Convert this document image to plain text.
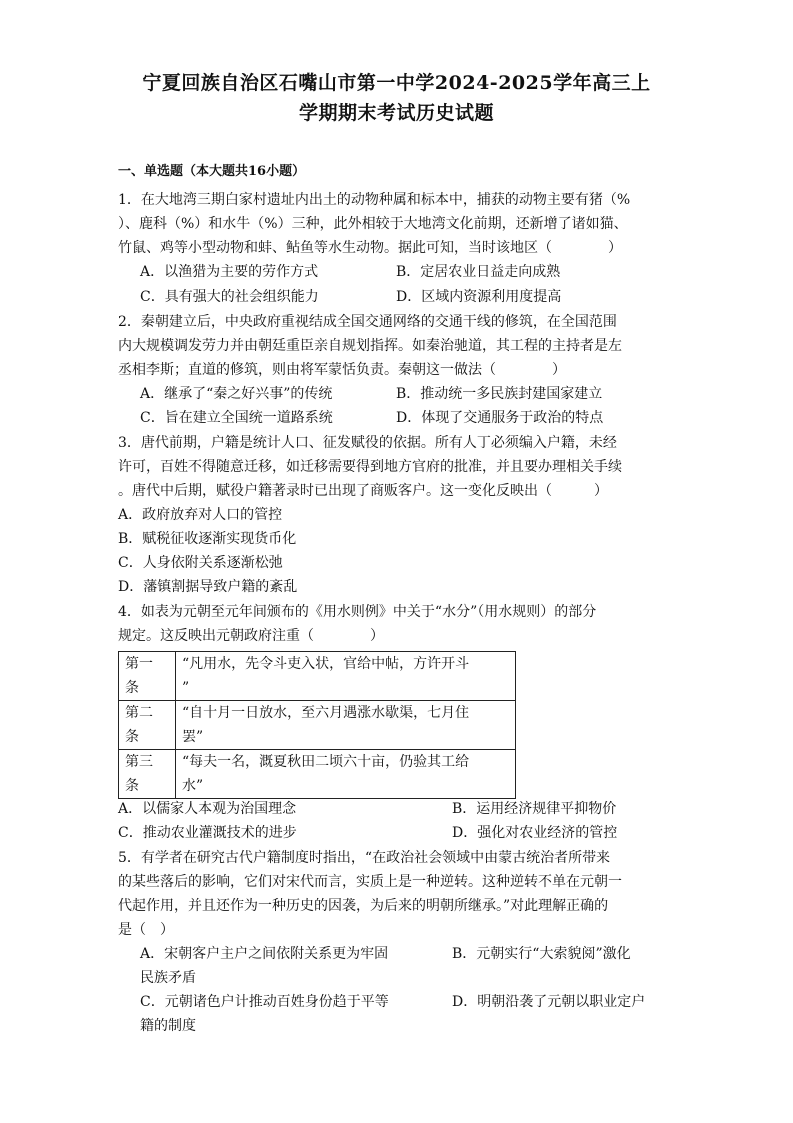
宁夏回族自治区石嘴山市第一中学2024-2025学年高三上
学期期末考试历史试题
一、单选题（本大题共16小题）
1．在大地湾三期白家村遗址内出土的动物种属和标本中，捕获的动物主要有猪（%
）、鹿科（%）和水牛（%）三种，此外相较于大地湾文化前期，还新增了诸如猫、
竹鼠、鸡等小型动物和蚌、鲇鱼等水生动物。据此可知，当时该地区（　　　　）
A．以渔猎为主要的劳作方式	B．定居农业日益走向成熟
C．具有强大的社会组织能力	D．区域内资源利用度提高
2．秦朝建立后，中央政府重视结成全国交通网络的交通干线的修筑，在全国范围
内大规模调发劳力并由朝廷重臣亲自规划指挥。如秦治驰道，其工程的主持者是左
丞相李斯；直道的修筑，则由将军蒙恬负责。秦朝这一做法（　　　　）
A．继承了“秦之好兴事”的传统	B．推动统一多民族封建国家建立
C．旨在建立全国统一道路系统	D．体现了交通服务于政治的特点
3．唐代前期，户籍是统计人口、征发赋役的依据。所有人丁必须编入户籍，未经
许可，百姓不得随意迁移，如迁移需要得到地方官府的批准，并且要办理相关手续
。唐代中后期，赋役户籍著录时已出现了商贩客户。这一变化反映出（　　　）
A．政府放弃对人口的管控
B．赋税征收逐渐实现货币化
C．人身依附关系逐渐松弛
D．藩镇割据导致户籍的紊乱
4．如表为元朝至元年间颁布的《用水则例》中关于“水分”（用水规则）的部分
规定。这反映出元朝政府注重（　　　　）
第一
条	“凡用水，先令斗吏入状，官给中帖，方许开斗
”
第二
条	“自十月一日放水，至六月遇涨水歇渠，七月住
罢”
第三
条	“每夫一名，溉夏秋田二顷六十亩，仍验其工给
水”
A．以儒家人本观为治国理念	B．运用经济规律平抑物价
C．推动农业灌溉技术的进步	D．强化对农业经济的管控
5．有学者在研究古代户籍制度时指出，“在政治社会领域中由蒙古统治者所带来
的某些落后的影响，它们对宋代而言，实质上是一种逆转。这种逆转不单在元朝一
代起作用，并且还作为一种历史的因袭，为后来的明朝所继承。”对此理解正确的
是（　）
A．宋朝客户主户之间依附关系更为牢固	B．元朝实行“大索貌阅”激化
民族矛盾
C．元朝诸色户计推动百姓身份趋于平等	D．明朝沿袭了元朝以职业定户
籍的制度
